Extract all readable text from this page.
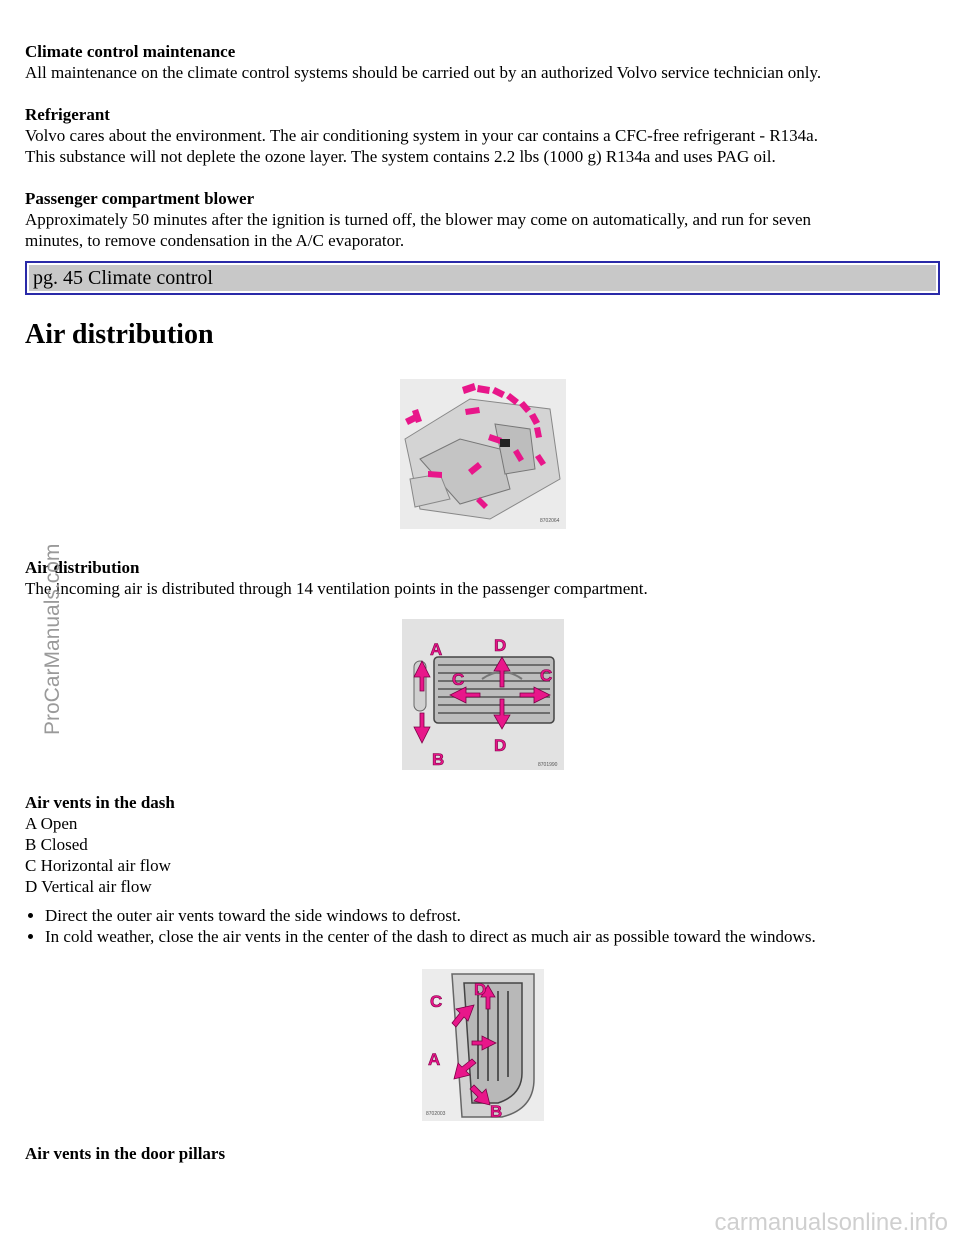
Climate control maintenance

All maintenance on the climate control systems should be carried out by an authorized Volvo service technician only.

Refrigerant

Volvo cares about the environment. The air conditioning system in your car contains a CFC-free refrigerant - R134a.

This substance will not deplete the ozone layer. The system contains 2.2 lbs (1000 g) R134a and uses PAG oil.

Passenger compartment blower

Approximately 50 minutes after the ignition is turned off, the blower may come on automatically, and run for seven

minutes, to remove condensation in the A/C evaporator.

pg. 45 Climate control
Air distribution
8702064
Air distribution

The incoming air is distributed through 14 ventilation points in the passenger compartment.

A
B
C	C
D
D
8701990
Air vents in the dash

A Open

B Closed

C Horizontal air flow

D Vertical air flow

• Direct the outer air vents toward the side windows to defrost.
• In cold weather, close the air vents in the center of the dash to direct as much air as possible toward the windows.
C
D
A
B
8702003
Air vents in the door pillars
ProCarManuals.com
carmanualsonline.info
